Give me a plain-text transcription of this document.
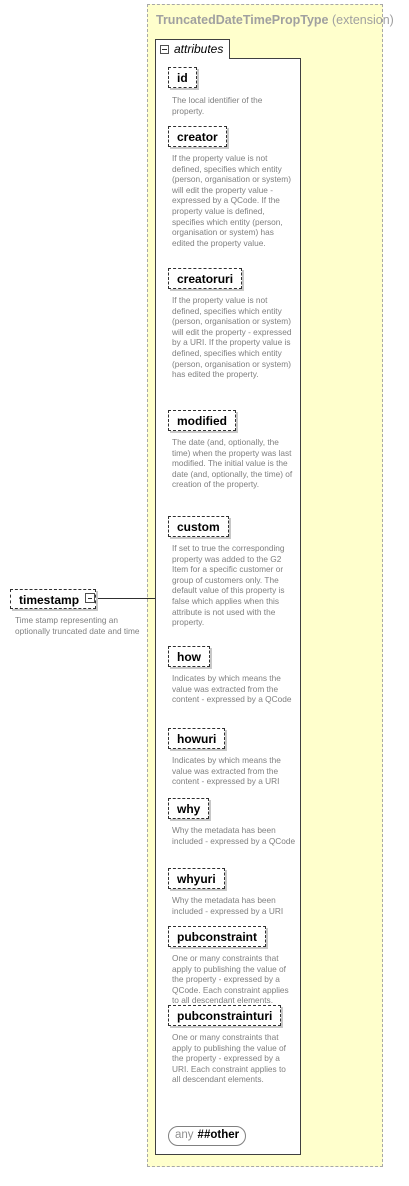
TruncatedDateTimePropType (extension)
attributes
id
The local identifier of the property.
creator
If the property value is not defined, specifies which entity (person, organisation or system) will edit the property value - expressed by a QCode. If the property value is defined, specifies which entity (person, organisation or system) has edited the property value.
creatoruri
If the property value is not defined, specifies which entity (person, organisation or system) will edit the property - expressed by a URI. If the property value is defined, specifies which entity (person, organisation or system) has edited the property.
modified
The date (and, optionally, the time) when the property was last modified. The initial value is the date (and, optionally, the time) of creation of the property.
custom
If set to true the corresponding property was added to the G2 Item for a specific customer or group of customers only. The default value of this property is false which applies when this attribute is not used with the property.
how
Indicates by which means the value was extracted from the content - expressed by a QCode
howuri
Indicates by which means the value was extracted from the content - expressed by a URI
why
Why the metadata has been included - expressed by a QCode
whyuri
Why the metadata has been included - expressed by a URI
pubconstraint
One or many constraints that apply to publishing the value of the property - expressed by a QCode. Each constraint applies to all descendant elements.
pubconstrainturi
One or many constraints that apply to publishing the value of the property - expressed by a URI. Each constraint applies to all descendant elements.
any ##other
timestamp
Time stamp representing an optionally truncated date and time
